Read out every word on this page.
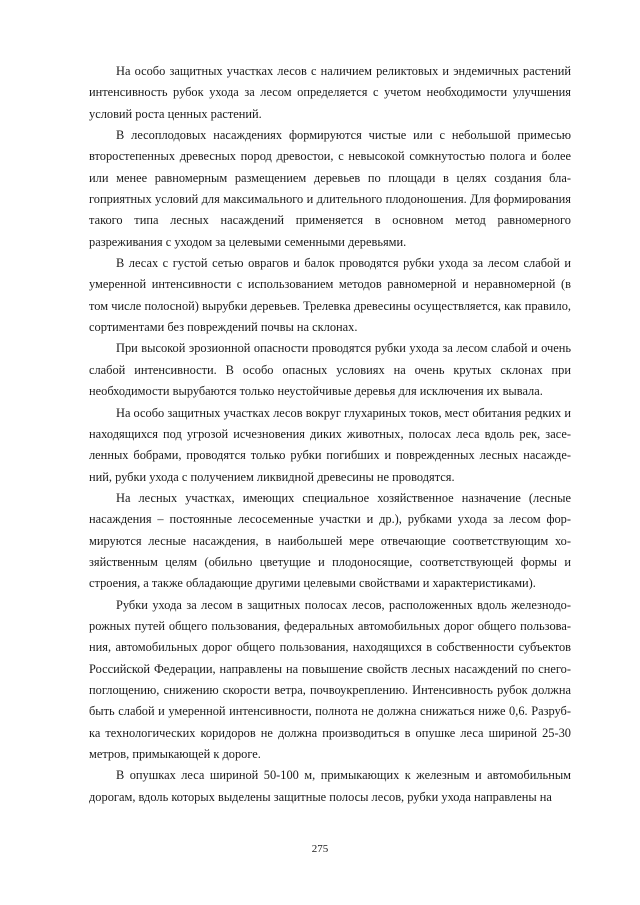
На особо защитных участках лесов с наличием реликтовых и эндемичных растений интенсивность рубок ухода за лесом определяется с учетом необходимости улучшения условий роста ценных растений.

В лесоплодовых насаждениях формируются чистые или с небольшой примесью второстепенных древесных пород древостои, с невысокой сомкнутостью полога и более или менее равномерным размещением деревьев по площади в целях создания благоприятных условий для максимального и длительного плодоношения. Для формирования такого типа лесных насаждений применяется в основном метод равномерного разреживания с уходом за целевыми семенными деревьями.

В лесах с густой сетью оврагов и балок проводятся рубки ухода за лесом слабой и умеренной интенсивности с использованием методов равномерной и неравномерной (в том числе полосной) вырубки деревьев. Трелевка древесины осуществляется, как правило, сортиментами без повреждений почвы на склонах.

При высокой эрозионной опасности проводятся рубки ухода за лесом слабой и очень слабой интенсивности. В особо опасных условиях на очень крутых склонах при необходимости вырубаются только неустойчивые деревья для исключения их вывала.

На особо защитных участках лесов вокруг глухариных токов, мест обитания редких и находящихся под угрозой исчезновения диких животных, полосах леса вдоль рек, заселенных бобрами, проводятся только рубки погибших и поврежденных лесных насаждений, рубки ухода с получением ликвидной древесины не проводятся.

На лесных участках, имеющих специальное хозяйственное назначение (лесные насаждения – постоянные лесосеменные участки и др.), рубками ухода за лесом формируются лесные насаждения, в наибольшей мере отвечающие соответствующим хозяйственным целям (обильно цветущие и плодоносящие, соответствующей формы и строения, а также обладающие другими целевыми свойствами и характеристиками).

Рубки ухода за лесом в защитных полосах лесов, расположенных вдоль железнодорожных путей общего пользования, федеральных автомобильных дорог общего пользования, автомобильных дорог общего пользования, находящихся в собственности субъектов Российской Федерации, направлены на повышение свойств лесных насаждений по снегопоглощению, снижению скорости ветра, почвоукреплению. Интенсивность рубок должна быть слабой и умеренной интенсивности, полнота не должна снижаться ниже 0,6. Разрубка технологических коридоров не должна производиться в опушке леса шириной 25-30 метров, примыкающей к дороге.

В опушках леса шириной 50-100 м, примыкающих к железным и автомобильным дорогам, вдоль которых выделены защитные полосы лесов, рубки ухода направлены на

275
